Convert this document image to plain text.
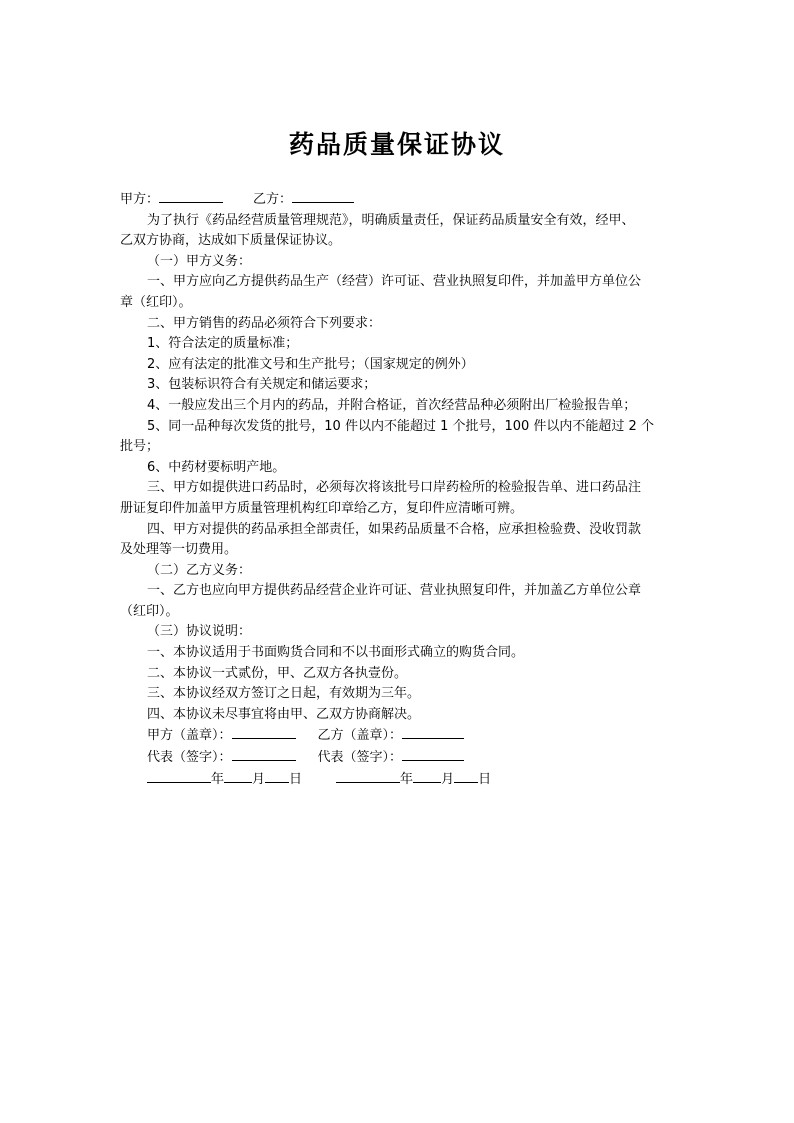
药品质量保证协议
甲方：	乙方：
为了执行《药品经营质量管理规范》，明确质量责任，保证药品质量安全有效，经甲、
乙双方协商，达成如下质量保证协议。
（一）甲方义务：
一、甲方应向乙方提供药品生产（经营）许可证、营业执照复印件，并加盖甲方单位公
章（红印）。
二、甲方销售的药品必须符合下列要求：
1、符合法定的质量标准；
2、应有法定的批准文号和生产批号；（国家规定的例外）
3、包装标识符合有关规定和储运要求；
4、一般应发出三个月内的药品，并附合格证，首次经营品种必须附出厂检验报告单；
5、同一品种每次发货的批号，10 件以内不能超过 1 个批号，100 件以内不能超过 2 个
批号；
6、中药材要标明产地。
三、甲方如提供进口药品时，必须每次将该批号口岸药检所的检验报告单、进口药品注
册证复印件加盖甲方质量管理机构红印章给乙方，复印件应清晰可辨。
四、甲方对提供的药品承担全部责任，如果药品质量不合格，应承担检验费、没收罚款
及处理等一切费用。
（二）乙方义务：
一、乙方也应向甲方提供药品经营企业许可证、营业执照复印件，并加盖乙方单位公章
（红印）。
（三）协议说明：
一、本协议适用于书面购货合同和不以书面形式确立的购货合同。
二、本协议一式贰份，甲、乙双方各执壹份。
三、本协议经双方签订之日起，有效期为三年。
四、本协议未尽事宜将由甲、乙双方协商解决。
甲方（盖章）：	乙方（盖章）：
代表（签字）：	代表（签字）：
年 月 日	年 月 日
